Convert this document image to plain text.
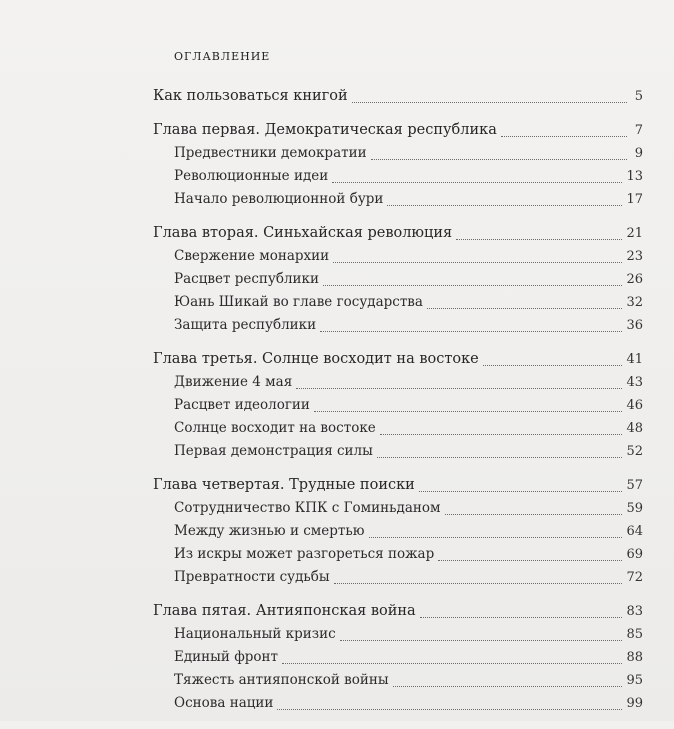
оглавление
Как пользоваться книгой	5
Глава первая. Демократическая республика	7
Предвестники демократии	9
Революционные идеи	13
Начало революционной бури	17
Глава вторая. Синьхайская революция	21
Свержение монархии	23
Расцвет республики	26
Юань Шикай во главе государства	32
Защита республики	36
Глава третья. Солнце восходит на востоке	41
Движение 4 мая	43
Расцвет идеологии	46
Солнце восходит на востоке	48
Первая демонстрация силы	52
Глава четвертая. Трудные поиски	57
Сотрудничество КПК с Гоминьданом	59
Между жизнью и смертью	64
Из искры может разгореться пожар	69
Превратности судьбы	72
Глава пятая. Антияпонская война	83
Национальный кризис	85
Единый фронт	88
Тяжесть антияпонской войны	95
Основа нации	99
